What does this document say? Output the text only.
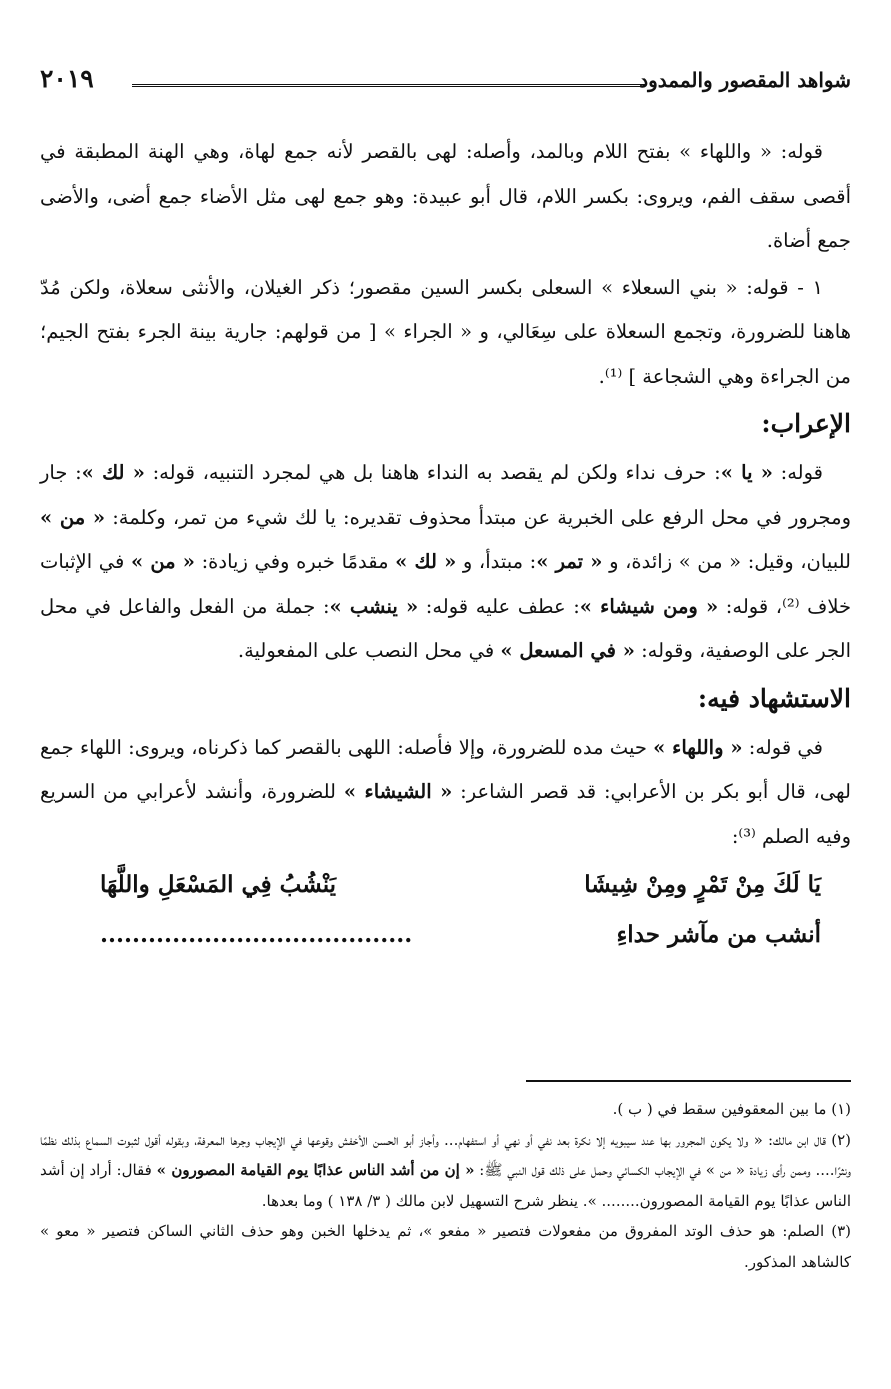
شواهد المقصور والممدود
٢٠١٩

قوله: « واللهاء » بفتح اللام وبالمد، وأصله: لهى بالقصر لأنه جمع لهاة، وهي الهنة المطبقة في أقصى سقف الفم، ويروى: بكسر اللام، قال أبو عبيدة: وهو جمع لهى مثل الأضاء جمع أضى، والأضى جمع أضاة.

١ - قوله: « بني السعلاء » السعلى بكسر السين مقصور؛ ذكر الغيلان، والأنثى سعلاة، ولكن مُدّ هاهنا للضرورة، وتجمع السعلاة على سِعَالي، و « الجراء » [ من قولهم: جارية بينة الجرء بفتح الجيم؛ من الجراءة وهي الشجاعة ] ⁽¹⁾.

الإعراب:

قوله: « يا »: حرف نداء ولكن لم يقصد به النداء هاهنا بل هي لمجرد التنبيه، قوله: « لك »: جار ومجرور في محل الرفع على الخبرية عن مبتدأ محذوف تقديره: يا لك شيء من تمر، وكلمة: « من » للبيان، وقيل: « من » زائدة، و « تمر »: مبتدأ، و « لك » مقدمًا خبره وفي زيادة: « من » في الإثبات خلاف ⁽²⁾، قوله: « ومن شيشاء »: عطف عليه قوله: « ينشب »: جملة من الفعل والفاعل في محل الجر على الوصفية، وقوله: « في المسعل » في محل النصب على المفعولية.

الاستشهاد فيه:

في قوله: « واللهاء » حيث مده للضرورة، وإلا فأصله: اللهى بالقصر كما ذكرناه، ويروى: اللهاء جمع لهى، قال أبو بكر بن الأعرابي: قد قصر الشاعر: « الشيشاء » للضرورة، وأنشد لأعرابي من السريع وفيه الصلم ⁽³⁾:

يَا لَكَ مِنْ تَمْرٍ ومِنْ شِيشَا
يَنْشُبُ فِي المَسْعَلِ واللَّهَا
أنشب من مآشر حداءِ
.......................................

(١) ما بين المعقوفين سقط في ( ب ).

(٢) قال ابن مالك: « ولا يكون المجرور بها عند سيبويه إلا نكرة بعد نفي أو نهي أو استفهام... وأجاز أبو الحسن الأخفش وقوعها في الإيجاب وجرها المعرفة، وبقوله أقول لثبوت السماع بذلك نظمًا ونثرًا.... وممن رأى زيادة « من » في الإيجاب الكسائي وحمل على ذلك قول النبي ﷺ: « إن من أشد الناس عذابًا يوم القيامة المصورون » فقال: أراد إن أشد الناس عذابًا يوم القيامة المصورون........ ». ينظر شرح التسهيل لابن مالك ( ٣/ ١٣٨ ) وما بعدها.

(٣) الصلم: هو حذف الوتد المفروق من مفعولات فتصير « مفعو »، ثم يدخلها الخبن وهو حذف الثاني الساكن فتصير « معو » كالشاهد المذكور.
